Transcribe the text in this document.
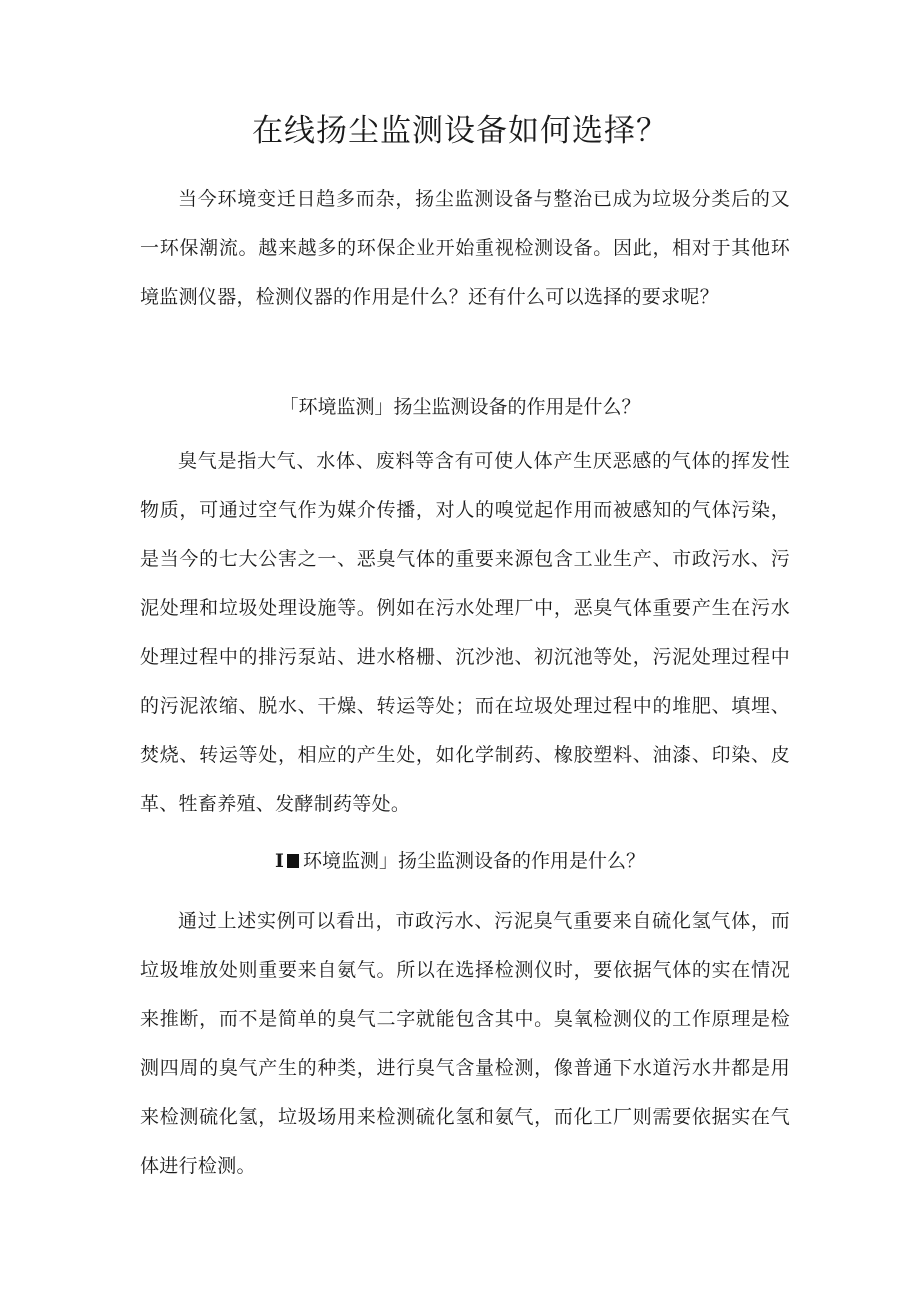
在线扬尘监测设备如何选择？

当今环境变迁日趋多而杂，扬尘监测设备与整治已成为垃圾分类后的又一环保潮流。越来越多的环保企业开始重视检测设备。因此，相对于其他环境监测仪器，检测仪器的作用是什么？还有什么可以选择的要求呢？

「环境监测」扬尘监测设备的作用是什么？

臭气是指大气、水体、废料等含有可使人体产生厌恶感的气体的挥发性物质，可通过空气作为媒介传播，对人的嗅觉起作用而被感知的气体污染，是当今的七大公害之一、恶臭气体的重要来源包含工业生产、市政污水、污泥处理和垃圾处理设施等。例如在污水处理厂中，恶臭气体重要产生在污水处理过程中的排污泵站、进水格栅、沉沙池、初沉池等处，污泥处理过程中的污泥浓缩、脱水、干燥、转运等处；而在垃圾处理过程中的堆肥、填埋、焚烧、转运等处，相应的产生处，如化学制药、橡胶塑料、油漆、印染、皮革、牲畜养殖、发酵制药等处。

I 环境监测」扬尘监测设备的作用是什么？

通过上述实例可以看出，市政污水、污泥臭气重要来自硫化氢气体，而垃圾堆放处则重要来自氨气。所以在选择检测仪时，要依据气体的实在情况来推断，而不是简单的臭气二字就能包含其中。臭氧检测仪的工作原理是检测四周的臭气产生的种类，进行臭气含量检测，像普通下水道污水井都是用来检测硫化氢，垃圾场用来检测硫化氢和氨气，而化工厂则需要依据实在气体进行检测。
